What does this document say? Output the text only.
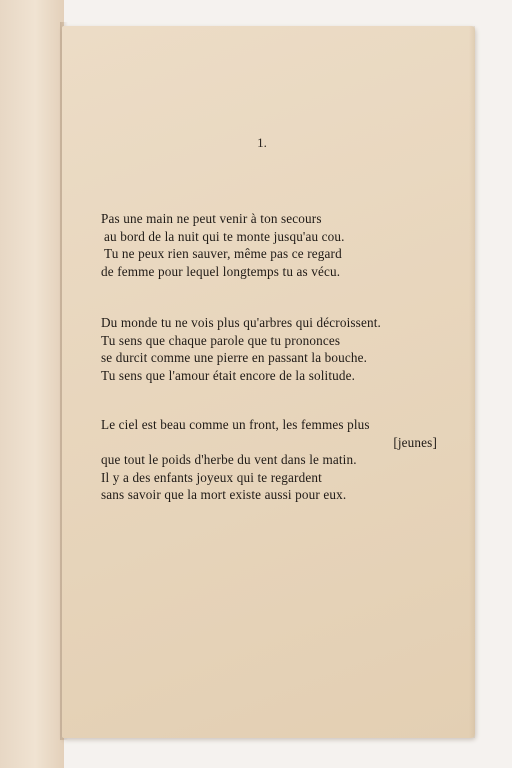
1.
Pas une main ne peut venir à ton secours
au bord de la nuit qui te monte jusqu'au cou.
Tu ne peux rien sauver, même pas ce regard
de femme pour lequel longtemps tu as vécu.
Du monde tu ne vois plus qu'arbres qui décroissent.
Tu sens que chaque parole que tu prononces
se durcit comme une pierre en passant la bouche.
Tu sens que l'amour était encore de la solitude.
Le ciel est beau comme un front, les femmes plus
[jeunes]
que tout le poids d'herbe du vent dans le matin.
Il y a des enfants joyeux qui te regardent
sans savoir que la mort existe aussi pour eux.
